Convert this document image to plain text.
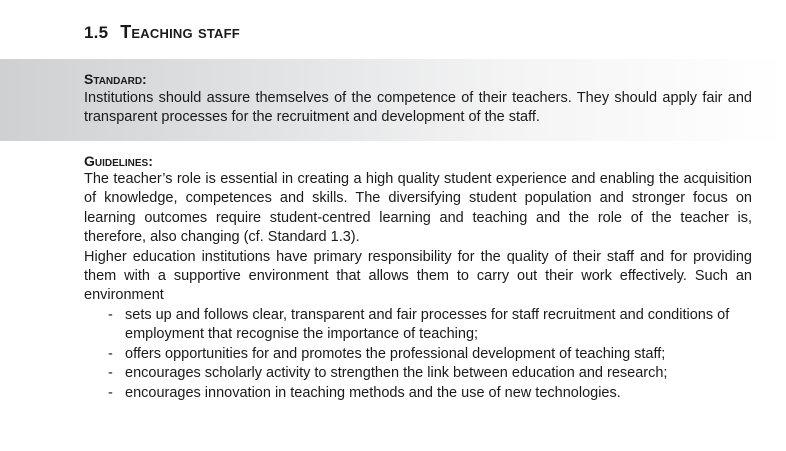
1.5 Teaching staff
Standard:
Institutions should assure themselves of the competence of their teachers. They should apply fair and transparent processes for the recruitment and development of the staff.
Guidelines:

The teacher’s role is essential in creating a high quality student experience and enabling the acquisition of knowledge, competences and skills. The diversifying student population and stronger focus on learning outcomes require student-centred learning and teaching and the role of the teacher is, therefore, also changing (cf. Standard 1.3).

Higher education institutions have primary responsibility for the quality of their staff and for providing them with a supportive environment that allows them to carry out their work effectively. Such an environment

- sets up and follows clear, transparent and fair processes for staff recruitment and conditions of employment that recognise the importance of teaching;
- offers opportunities for and promotes the professional development of teaching staff;
- encourages scholarly activity to strengthen the link between education and research;
- encourages innovation in teaching methods and the use of new technologies.
